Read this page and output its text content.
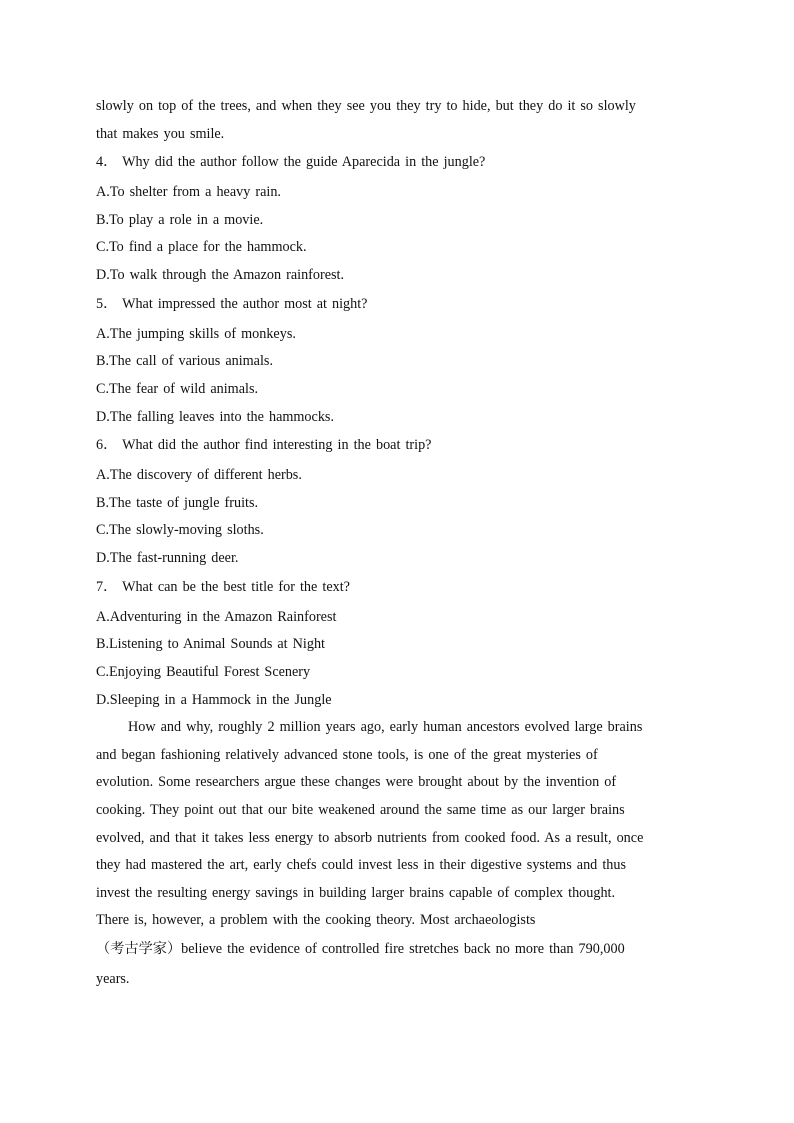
slowly on top of the trees, and when they see you they try to hide, but they do it so slowly
that makes you smile.
4． Why did the author follow the guide Aparecida in the jungle?
A.To shelter from a heavy rain.
B.To play a role in a movie.
C.To find a place for the hammock.
D.To walk through the Amazon rainforest.
5． What impressed the author most at night?
A.The jumping skills of monkeys.
B.The call of various animals.
C.The fear of wild animals.
D.The falling leaves into the hammocks.
6． What did the author find interesting in the boat trip?
A.The discovery of different herbs.
B.The taste of jungle fruits.
C.The slowly-moving sloths.
D.The fast-running deer.
7． What can be the best title for the text?
A.Adventuring in the Amazon Rainforest
B.Listening to Animal Sounds at Night
C.Enjoying Beautiful Forest Scenery
D.Sleeping in a Hammock in the Jungle
How and why, roughly 2 million years ago, early human ancestors evolved large brains
and began fashioning relatively advanced stone tools, is one of the great mysteries of
evolution. Some researchers argue these changes were brought about by the invention of
cooking. They point out that our bite weakened around the same time as our larger brains
evolved, and that it takes less energy to absorb nutrients from cooked food. As a result, once
they had mastered the art, early chefs could invest less in their digestive systems and thus
invest the resulting energy savings in building larger brains capable of complex thought.
There is, however, a problem with the cooking theory. Most archaeologists
（考古学家）believe the evidence of controlled fire stretches back no more than 790,000
years.
